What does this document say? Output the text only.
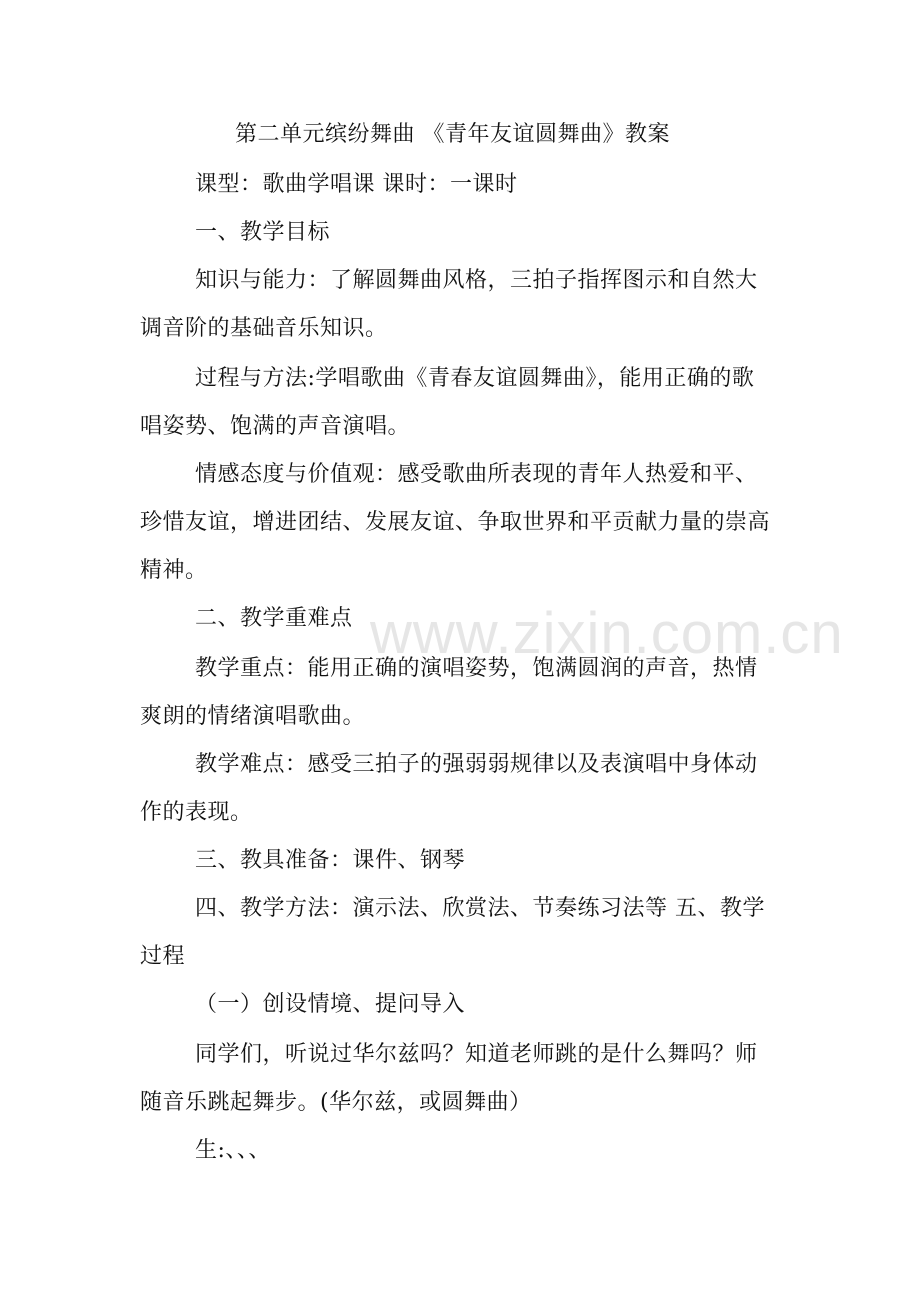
www.zixin.com.cn
第二单元缤纷舞曲 《青年友谊圆舞曲》教案
课型：歌曲学唱课 课时：一课时
一、教学目标
知识与能力：了解圆舞曲风格，三拍子指挥图示和自然大
调音阶的基础音乐知识。
过程与方法:学唱歌曲《青春友谊圆舞曲》，能用正确的歌
唱姿势、饱满的声音演唱。
情感态度与价值观：感受歌曲所表现的青年人热爱和平、
珍惜友谊，增进团结、发展友谊、争取世界和平贡献力量的崇高
精神。
二、教学重难点
教学重点：能用正确的演唱姿势，饱满圆润的声音，热情
爽朗的情绪演唱歌曲。
教学难点：感受三拍子的强弱弱规律以及表演唱中身体动
作的表现。
三、教具准备：课件、钢琴
四、教学方法：演示法、欣赏法、节奏练习法等 五、教学
过程
（一）创设情境、提问导入
同学们，听说过华尔兹吗？知道老师跳的是什么舞吗？师
随音乐跳起舞步。(华尔兹，或圆舞曲）
生:、、、
